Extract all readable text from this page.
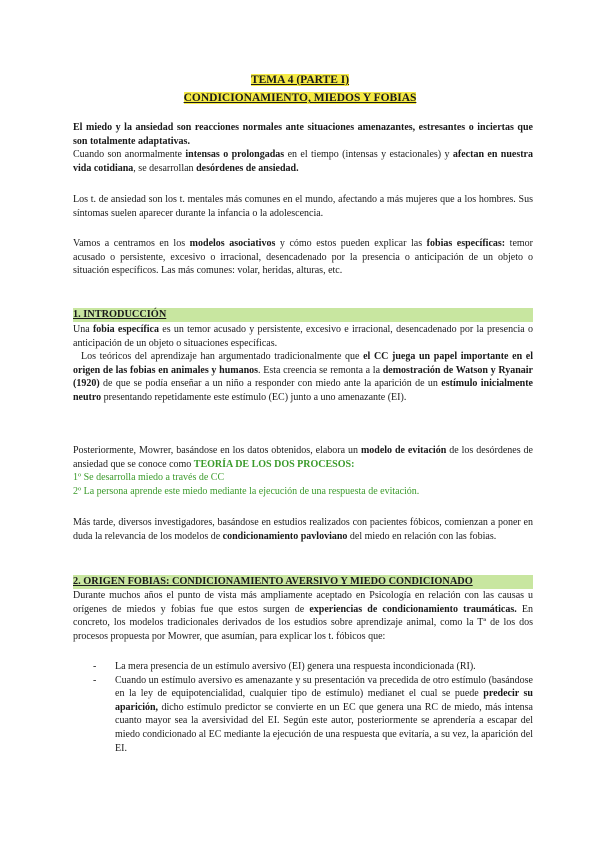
TEMA 4 (PARTE I)
CONDICIONAMIENTO, MIEDOS Y FOBIAS

El miedo y la ansiedad son reacciones normales ante situaciones amenazantes, estresantes o inciertas que son totalmente adaptativas.

Cuando son anormalmente intensas o prolongadas en el tiempo (intensas y estacionales) y afectan en nuestra vida cotidiana, se desarrollan desórdenes de ansiedad.

Los t. de ansiedad son los t. mentales más comunes en el mundo, afectando a más mujeres que a los hombres. Sus síntomas suelen aparecer durante la infancia o la adolescencia.

Vamos a centramos en los modelos asociativos y cómo estos pueden explicar las fobias específicas: temor acusado o persistente, excesivo o irracional, desencadenado por la presencia o anticipación de un objeto o situación específicos. Las más comunes: volar, heridas, alturas, etc.

1. INTRODUCCIÓN

Una fobia específica es un temor acusado y persistente, excesivo e irracional, desencadenado por la presencia o anticipación de un objeto o situaciones específicas.

Los teóricos del aprendizaje han argumentado tradicionalmente que el CC juega un papel importante en el origen de las fobias en animales y humanos. Esta creencia se remonta a la demostración de Watson y Ryanair (1920) de que se podía enseñar a un niño a responder con miedo ante la aparición de un estímulo inicialmente neutro presentando repetidamente este estímulo (EC) junto a uno amenazante (EI).

Posteriormente, Mowrer, basándose en los datos obtenidos, elabora un modelo de evitación de los desórdenes de ansiedad que se conoce como TEORÍA DE LOS DOS PROCESOS:

1º Se desarrolla miedo a través de CC

2º La persona aprende este miedo mediante la ejecución de una respuesta de evitación.

Más tarde, diversos investigadores, basándose en estudios realizados con pacientes fóbicos, comienzan a poner en duda la relevancia de los modelos de condicionamiento pavloviano del miedo en relación con las fobias.

2. ORIGEN FOBIAS: CONDICIONAMIENTO AVERSIVO Y MIEDO CONDICIONADO

Durante muchos años el punto de vista más ampliamente aceptado en Psicología en relación con las causas u orígenes de miedos y fobias fue que estos surgen de experiencias de condicionamiento traumáticas. En concreto, los modelos tradicionales derivados de los estudios sobre aprendizaje animal, como la Tª de los dos procesos propuesta por Mowrer, que asumían, para explicar los t. fóbicos que:

- La mera presencia de un estímulo aversivo (EI) genera una respuesta incondicionada (RI).
- Cuando un estímulo aversivo es amenazante y su presentación va precedida de otro estímulo (basándose en la ley de equipotencialidad, cualquier tipo de estímulo) medianet el cual se puede predecir su aparición, dicho estímulo predictor se convierte en un EC que genera una RC de miedo, más intensa cuanto mayor sea la aversividad del EI. Según este autor, posteriormente se aprendería a escapar del miedo condicionado al EC mediante la ejecución de una respuesta que evitaría, a su vez, la aparición del EI.
